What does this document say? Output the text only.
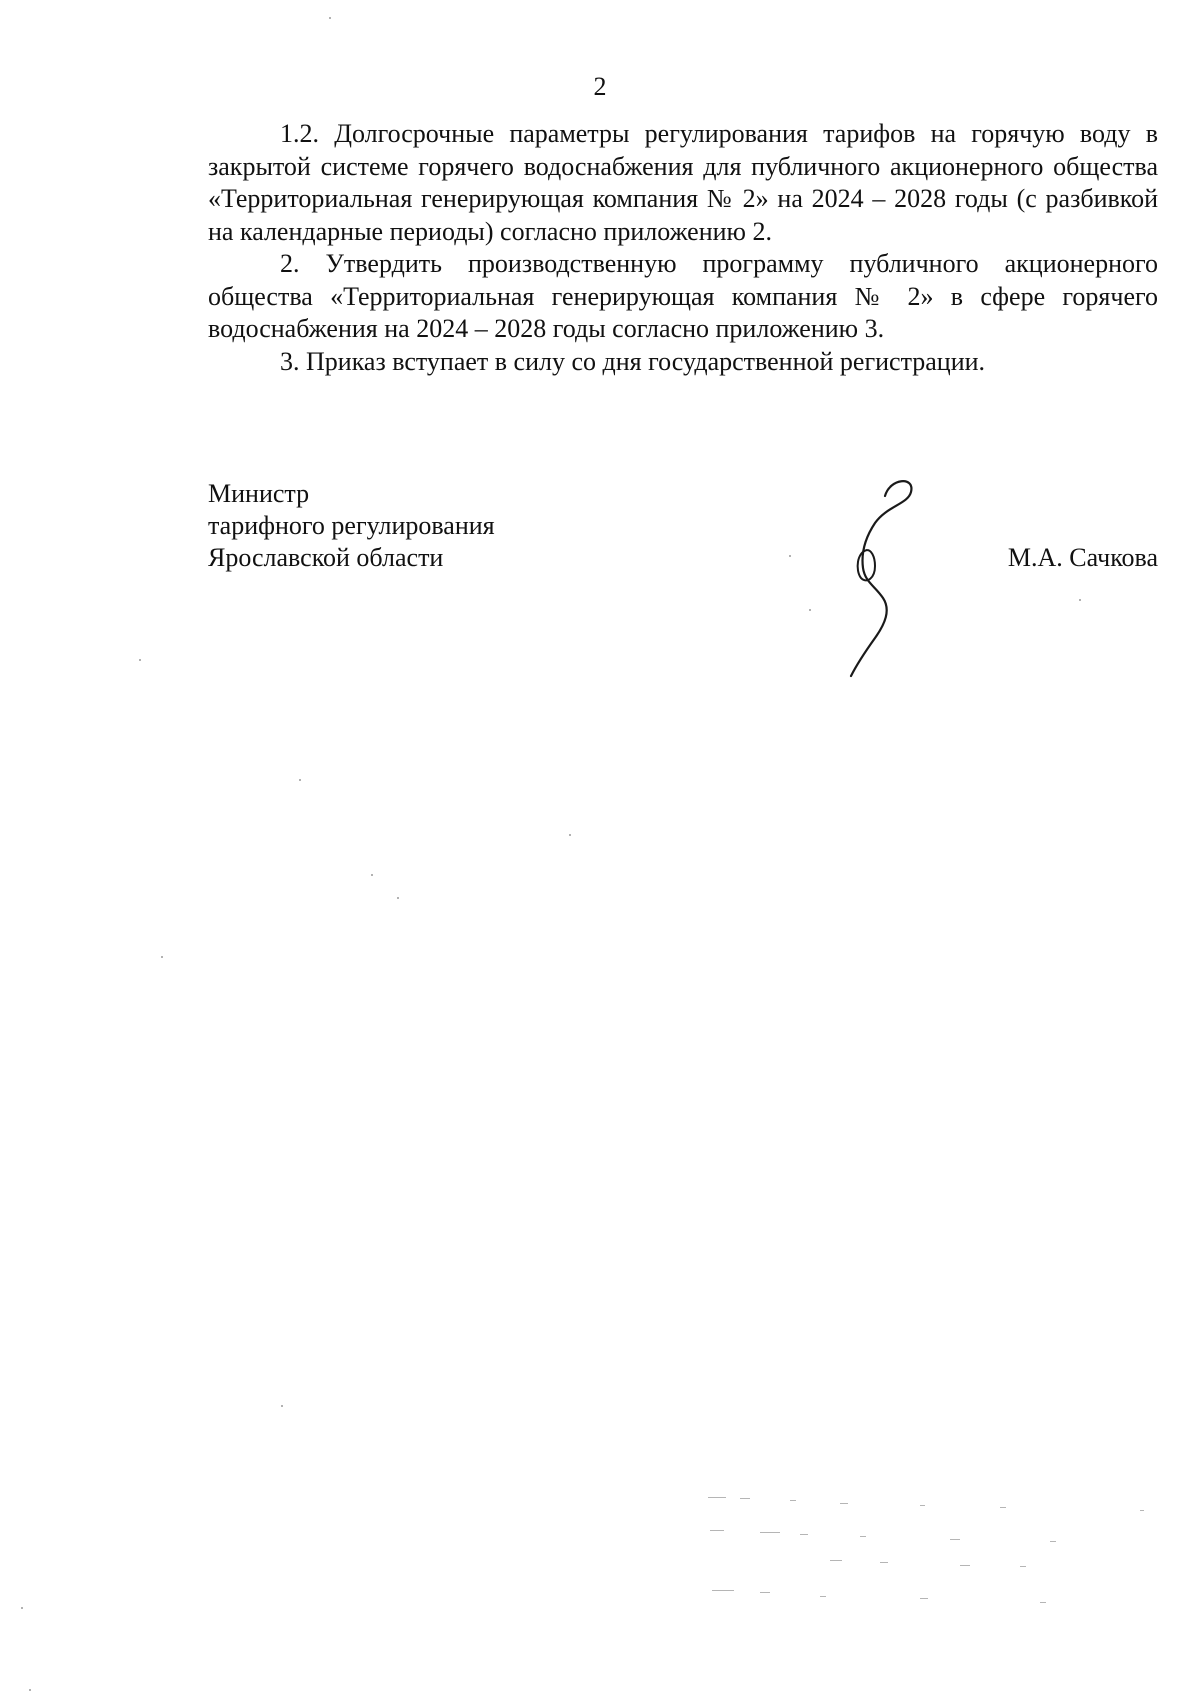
2

1.2. Долгосрочные параметры регулирования тарифов на горячую воду в закрытой системе горячего водоснабжения для публичного акционерного общества «Территориальная генерирующая компания № 2» на 2024 – 2028 годы (с разбивкой на календарные периоды) согласно приложению 2.

2. Утвердить производственную программу публичного акционерного общества «Территориальная генерирующая компания № 2» в сфере горячего водоснабжения на 2024 – 2028 годы согласно приложению 3.

3. Приказ вступает в силу со дня государственной регистрации.

Министр
тарифного регулирования
Ярославской области	М.А. Сачкова
